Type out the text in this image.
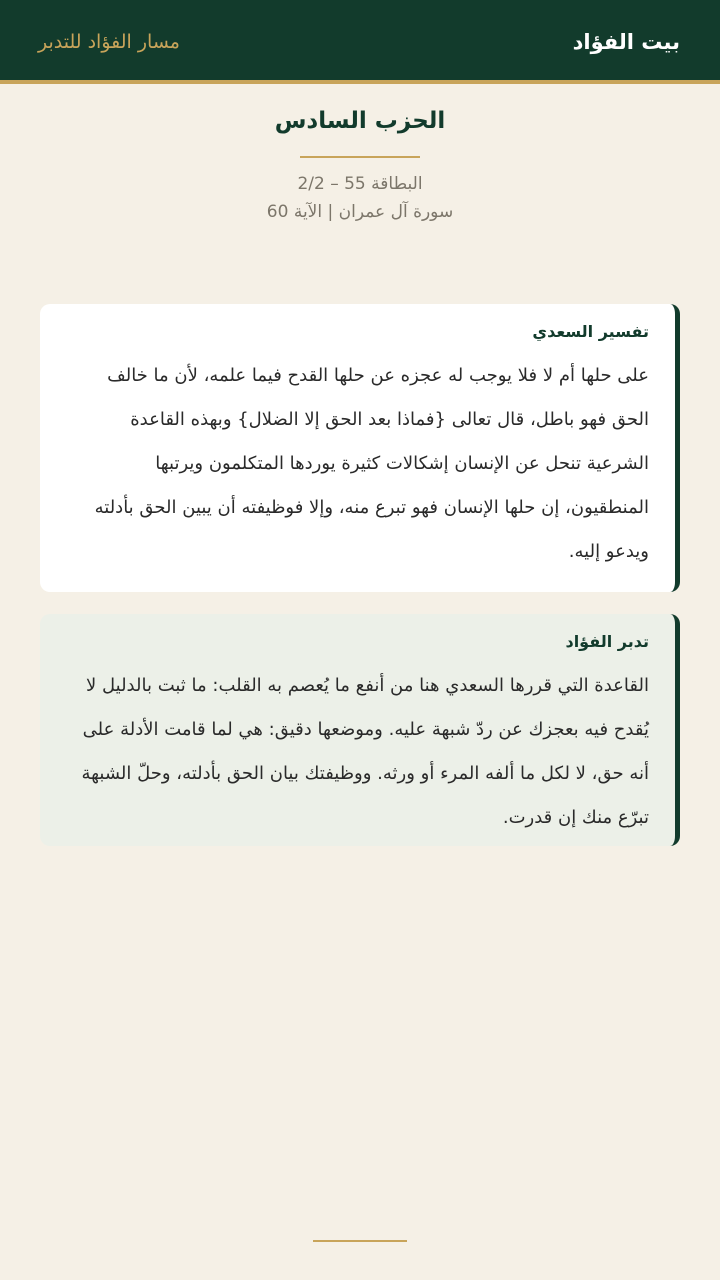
بيت الفؤاد
مسار الفؤاد للتدبر
الحزب السادس

البطاقة 55 – 2/2

سورة آل عمران | الآية 60

تفسير السعدي

على حلها أم لا فلا يوجب له عجزه عن حلها القدح فيما علمه، لأن ما خالف الحق فهو باطل، قال تعالى {فماذا بعد الحق إلا الضلال} وبهذه القاعدة الشرعية تنحل عن الإنسان إشكالات كثيرة يوردها المتكلمون ويرتبها المنطقيون، إن حلها الإنسان فهو تبرع منه، وإلا فوظيفته أن يبين الحق بأدلته ويدعو إليه.

تدبر الفؤاد

القاعدة التي قررها السعدي هنا من أنفع ما يُعصم به القلب: ما ثبت بالدليل لا يُقدح فيه بعجزك عن ردّ شبهة عليه. وموضعها دقيق: هي لما قامت الأدلة على أنه حق، لا لكل ما ألفه المرء أو ورثه. ووظيفتك بيان الحق بأدلته، وحلّ الشبهة تبرّع منك إن قدرت.
